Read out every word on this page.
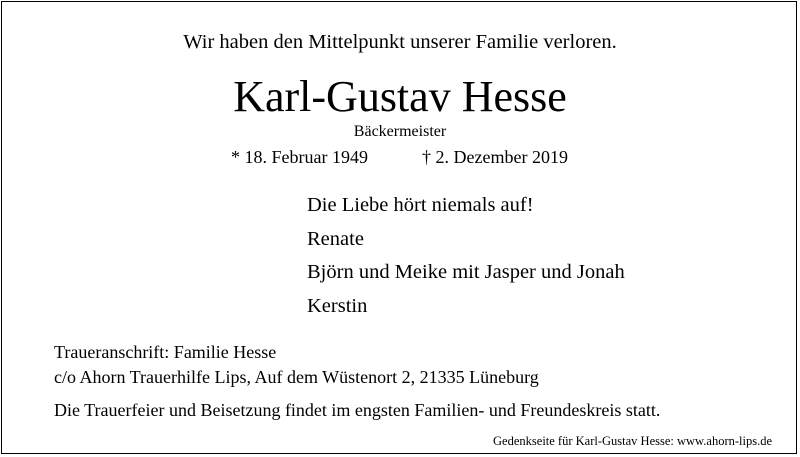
Wir haben den Mittelpunkt unserer Familie verloren.
Karl-Gustav Hesse
Bäckermeister
* 18. Februar 1949	† 2. Dezember 2019
Die Liebe hört niemals auf!
Renate
Björn und Meike mit Jasper und Jonah
Kerstin
Traueranschrift: Familie Hesse
c/o Ahorn Trauerhilfe Lips, Auf dem Wüstenort 2, 21335 Lüneburg
Die Trauerfeier und Beisetzung findet im engsten Familien- und Freundeskreis statt.
Gedenkseite für Karl-Gustav Hesse: www.ahorn-lips.de
